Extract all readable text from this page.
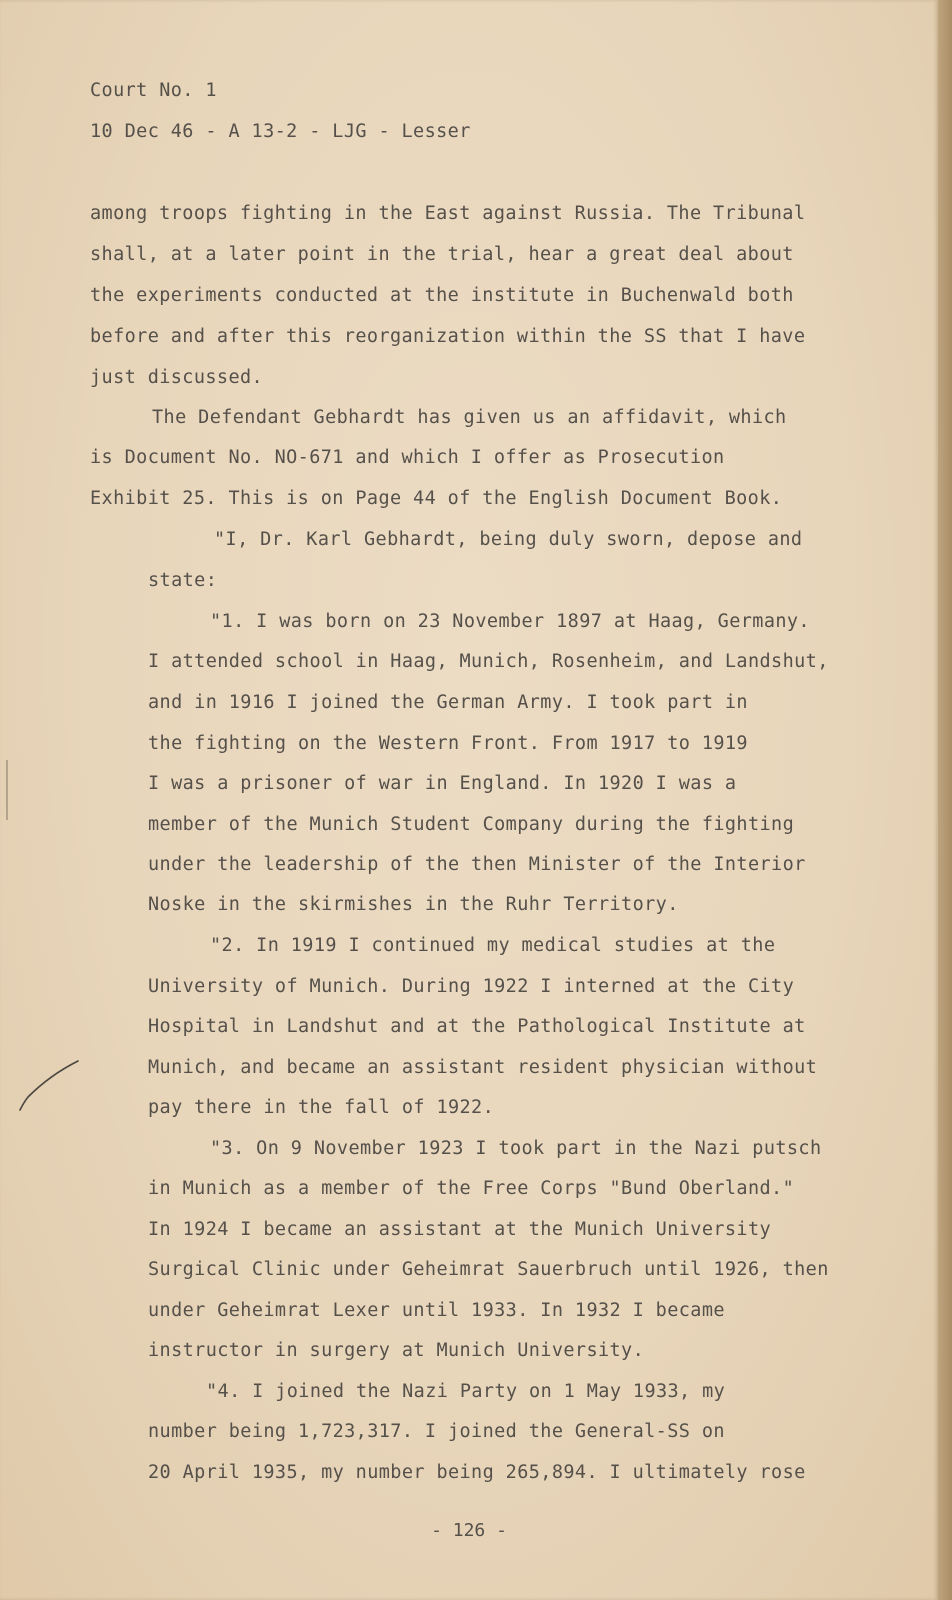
Court No. 1
10 Dec 46 - A 13-2 - LJG - Lesser
among troops fighting in the East against Russia. The Tribunal
shall, at a later point in the trial, hear a great deal about
the experiments conducted at the institute in Buchenwald both
before and after this reorganization within the SS that I have
just discussed.
The Defendant Gebhardt has given us an affidavit, which
is Document No. NO-671 and which I offer as Prosecution
Exhibit 25. This is on Page 44 of the English Document Book.
"I, Dr. Karl Gebhardt, being duly sworn, depose and
state:
"1. I was born on 23 November 1897 at Haag, Germany.
I attended school in Haag, Munich, Rosenheim, and Landshut,
and in 1916 I joined the German Army. I took part in
the fighting on the Western Front. From 1917 to 1919
I was a prisoner of war in England. In 1920 I was a
member of the Munich Student Company during the fighting
under the leadership of the then Minister of the Interior
Noske in the skirmishes in the Ruhr Territory.
"2. In 1919 I continued my medical studies at the
University of Munich. During 1922 I interned at the City
Hospital in Landshut and at the Pathological Institute at
Munich, and became an assistant resident physician without
pay there in the fall of 1922.
"3. On 9 November 1923 I took part in the Nazi putsch
in Munich as a member of the Free Corps "Bund Oberland."
In 1924 I became an assistant at the Munich University
Surgical Clinic under Geheimrat Sauerbruch until 1926, then
under Geheimrat Lexer until 1933. In 1932 I became
instructor in surgery at Munich University.
"4. I joined the Nazi Party on 1 May 1933, my
number being 1,723,317. I joined the General-SS on
20 April 1935, my number being 265,894. I ultimately rose
- 126 -
